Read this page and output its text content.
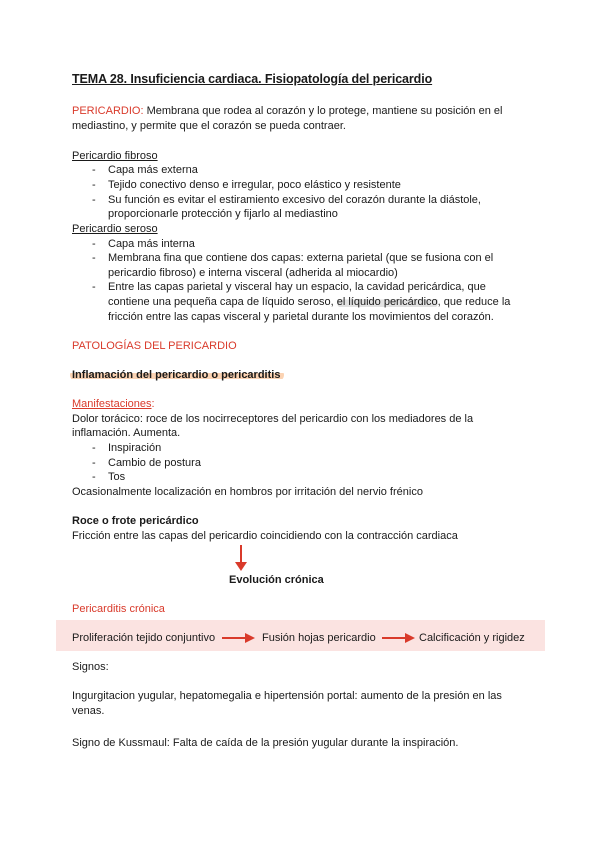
TEMA 28. Insuficiencia cardiaca. Fisiopatología del pericardio
PERICARDIO: Membrana que rodea al corazón y lo protege, mantiene su posición en el
mediastino, y permite que el corazón se pueda contraer.
Pericardio fibroso
- Capa más externa
- Tejido conectivo denso e irregular, poco elástico y resistente
- Su función es evitar el estiramiento excesivo del corazón durante la diástole,
proporcionarle protección y fijarlo al mediastino
Pericardio seroso
- Capa más interna
- Membrana fina que contiene dos capas: externa parietal (que se fusiona con el
pericardio fibroso) e interna visceral (adherida al miocardio)
- Entre las capas parietal y visceral hay un espacio, la cavidad pericárdica, que
contiene una pequeña capa de líquido seroso, el líquido pericárdico, que reduce la
fricción entre las capas visceral y parietal durante los movimientos del corazón.
PATOLOGÍAS DEL PERICARDIO
Inflamación del pericardio o pericarditis
Manifestaciones:
Dolor torácico: roce de los nocirreceptores del pericardio con los mediadores de la
inflamación. Aumenta.
- Inspiración
- Cambio de postura
- Tos
Ocasionalmente localización en hombros por irritación del nervio frénico
Roce o frote pericárdico
Fricción entre las capas del pericardio coincidiendo con la contracción cardiaca
Evolución crónica
Pericarditis crónica
Proliferación tejido conjuntivo	Fusión hojas pericardio	Calcificación y rigidez
Signos:
Ingurgitacion yugular, hepatomegalia e hipertensión portal: aumento de la presión en las
venas.
Signo de Kussmaul: Falta de caída de la presión yugular durante la inspiración.
